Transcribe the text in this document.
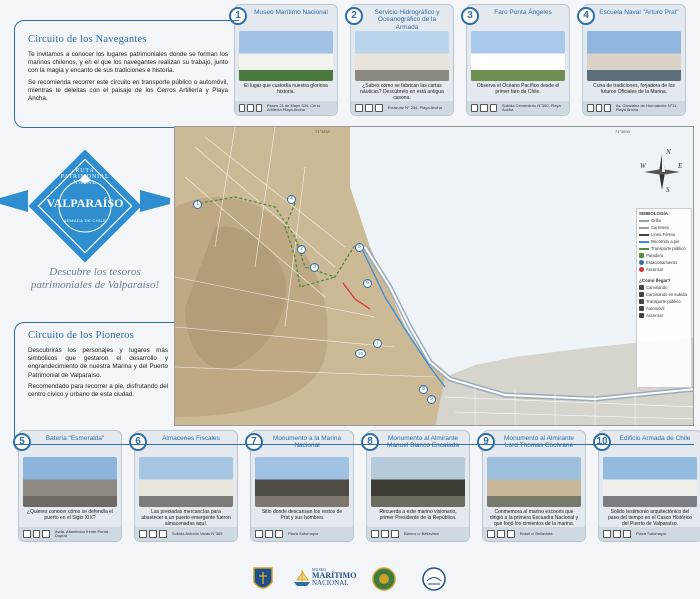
1	Museo Marítimo Nacional
El lugar que custodia nuestra gloriosa historia.
Paseo 21 de Mayo S/N, Cerro Artillería Playa Ancha
2	Servicio Hidrográfico y Oceanográfico de la Armada
¿Sabes cómo se fabrican las cartas náuticas? Descúbrelo en está antigua casona.
Errázuriz N° 254, Playa Ancha
3	Faro Punta Ángeles
Observa el Océano Pacífico desde el primer faro de Chile.
Subida Cementerio N°300, Playa Ancha
4	Escuela Naval "Arturo Prat"
Cuna de tradiciones, forjadora de los futuros Oficiales de la Marina.
Av. González de Hormaeche N°11, Playa Ancha
5	Batería "Esmeralda"
¿Quieres conocer cómo se defendía el puerto en el Siglo XIX?
Avda. Altamirano frente Punta Duprat
6	Almacenes Fiscales
Las preciadas mercancías para abastecer a un puerto emergente fueron almacenadas aquí.
Subida Antonio Varas N°389
7	Monumento a la Marina Nacional
Sitio donde descansan los restos de Prat y sus hombres
Plaza Sotomayor
8	Monumento al Almirante Manuel Blanco Encalada
Recuerda a este marino visionario, primer Presidente de la República.
Blanco c/ Bellavista
9	Monumento al Almirante Lord Thomas Cochrane
Conmemora al marino escocés que dirigió a la primera Escuadra Nacional y que forjó los cimientos de la marina.
Brasil c/ Bellavista
10	Edificio Armada de Chile
Sólido testimonio arquitectónico del paso del tiempo en el Casco Histórico del Puerto de Valparaíso.
Plaza Sotomayor
Circuito de los Navegantes

Te invitamos a conocer los lugares patrimoniales donde se forman los marinos chilenos, y en el que los navegantes realizan su trabajo, junto con la magia y encanto de sus tradiciones e historia.

Se recomienda recorrer este circuito en transporte público o automóvil, mientras te deleitas con el paisaje de los Cerros Artillería y Playa Ancha.

RUTA PATRIMONIAL NAVAL
VALPARAÍSO
ARMADA DE CHILE
Descubre los tesoros patrimoniales de Valparaíso!
Circuito de los Pioneros

Descubrirás los personajes y lugares más simbólicos que gestaron el desarrollo y engrandecimiento de nuestra Marina y del Puerto Patrimonial de Valparaíso.

Recomendado para recorrer a pie, disfrutando del centro cívico y urbano de esta ciudad.

71°38'W	71°36'W
1
2
3
4
5
6
7
8
9
10
N
S
W	E
SIMBOLOGÍA
Orilla
Carretera
Línea Férrea
Recorrido a pie
Transporte público
Paradero
Estacionamiento
Ascensor
¿Cómo llegar?
Caminando
Caminando en subida
Transporte público
Automóvil
Ascensor
MUSEO
MARÍTIMO
NACIONAL
